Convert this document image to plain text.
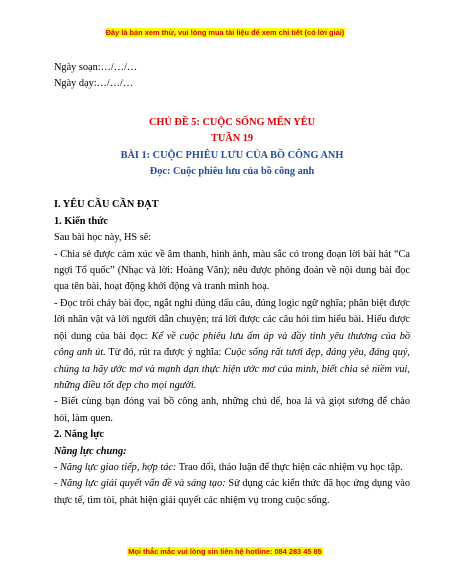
Đây là bản xem thử, vui lòng mua tài liệu để xem chi tiết (có lời giải)

Ngày soạn:…/…/…

Ngày dạy:…/…/…

CHỦ ĐỀ 5: CUỘC SỐNG MẾN YÊU

TUẦN 19

BÀI 1: CUỘC PHIÊU LƯU CỦA BỒ CÔNG ANH

Đọc: Cuộc phiêu lưu của bồ công anh

I. YÊU CẦU CẦN ĐẠT

1. Kiến thức

Sau bài học này, HS sẽ:

- Chia sẻ được cảm xúc về âm thanh, hình ảnh, màu sắc có trong đoạn lời bài hát “Ca ngợi Tổ quốc” (Nhạc và lời: Hoàng Vân); nêu được phỏng đoán về nội dung bài đọc qua tên bài, hoạt động khởi động và tranh minh hoạ.

- Đọc trôi chảy bài đọc, ngắt nghỉ đúng dấu câu, đúng logic ngữ nghĩa; phân biệt được lời nhân vật và lời người dẫn chuyện; trả lời được các câu hỏi tìm hiểu bài. Hiểu được nội dung của bài đọc: Kể về cuộc phiêu lưu ấm áp và đầy tình yêu thương của bồ công anh út. Từ đó, rút ra được ý nghĩa: Cuộc sống rất tươi đẹp, đáng yêu, đáng quý, chúng ta hãy ước mơ và mạnh dạn thực hiện ước mơ của mình, biết chia sẻ niềm vui, những điều tốt đẹp cho mọi người.

- Biết cùng bạn đóng vai bồ công anh, những chú dế, hoa lá và giọt sương để chào hỏi, làm quen.

2. Năng lực

Năng lực chung:

- Năng lực giao tiếp, hợp tác: Trao đổi, thảo luận để thực hiện các nhiệm vụ học tập.

- Năng lực giải quyết vấn đề và sáng tạo: Sử dụng các kiến thức đã học ứng dụng vào thực tế, tìm tòi, phát hiện giải quyết các nhiệm vụ trong cuộc sống.

Mọi thắc mắc vui lòng xin liên hệ hotline: 084 283 45 85
